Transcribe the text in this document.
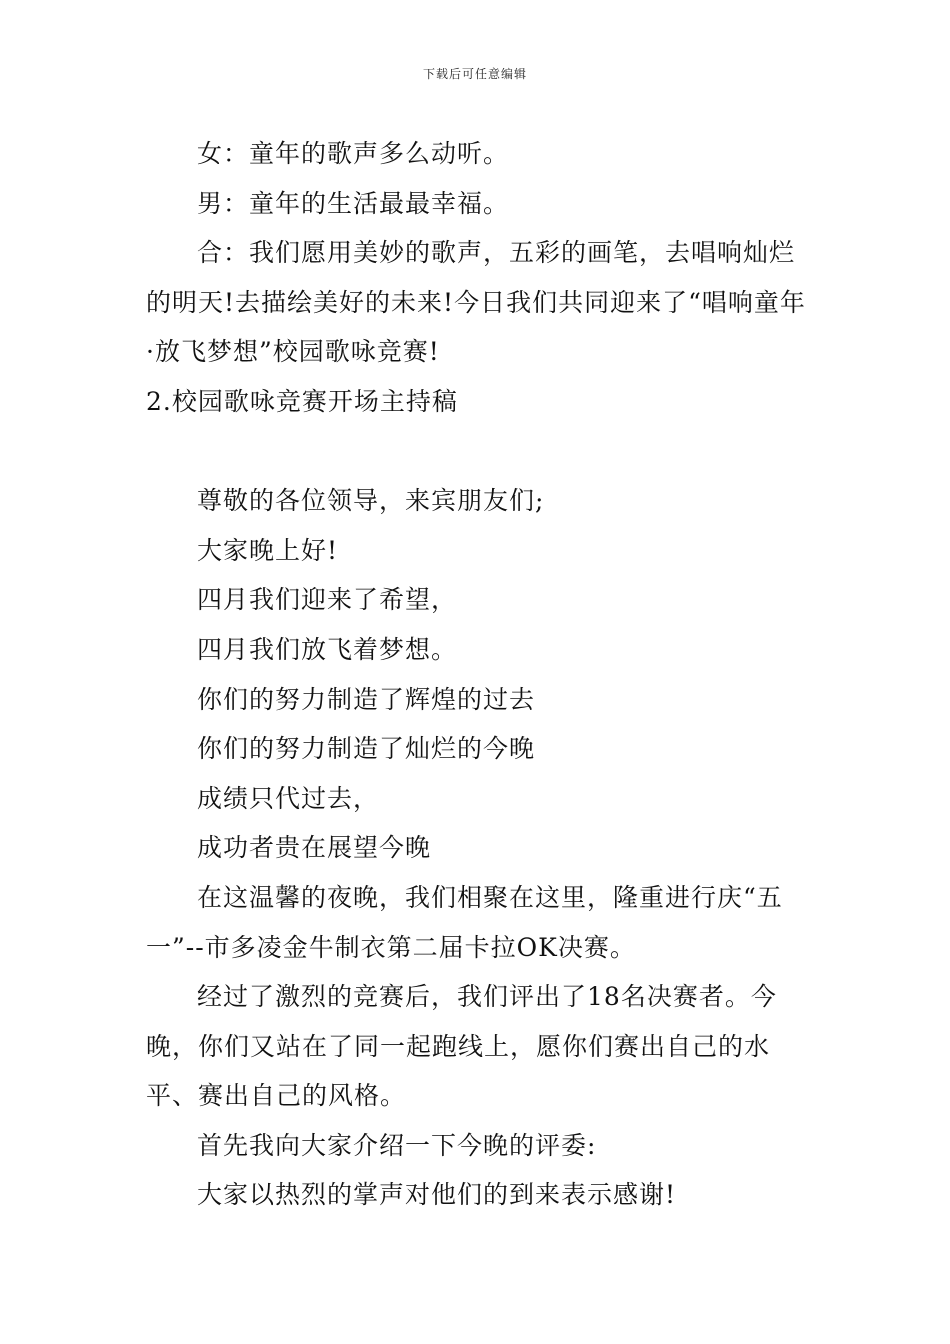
下载后可任意编辑

女：童年的歌声多么动听。

男：童年的生活最最幸福。

合：我们愿用美妙的歌声，五彩的画笔，去唱响灿烂的明天!去描绘美好的未来!今日我们共同迎来了“唱响童年·放飞梦想”校园歌咏竞赛!

2.校园歌咏竞赛开场主持稿

尊敬的各位领导，来宾朋友们;

大家晚上好!

四月我们迎来了希望，

四月我们放飞着梦想。

你们的努力制造了辉煌的过去

你们的努力制造了灿烂的今晚

成绩只代过去，

成功者贵在展望今晚

在这温馨的夜晚，我们相聚在这里，隆重进行庆“五一”--市多凌金牛制衣第二届卡拉OK决赛。

经过了激烈的竞赛后，我们评出了18名决赛者。今晚，你们又站在了同一起跑线上，愿你们赛出自己的水平、赛出自己的风格。

首先我向大家介绍一下今晚的评委:

大家以热烈的掌声对他们的到来表示感谢!
